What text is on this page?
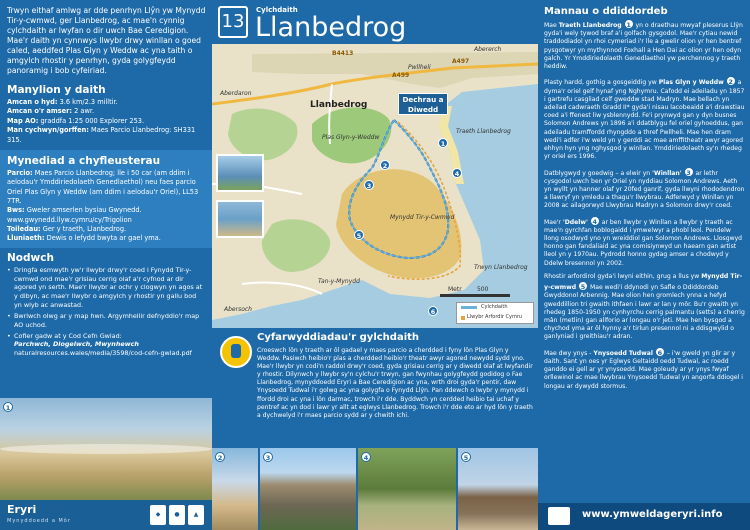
Trwyn eithaf amlwg ar dde penrhyn Llŷn yw Mynydd Tir-y-cwmwd, ger Llanbedrog, ac mae'n cynnig cylchdaith ar lwyfan o dir uwch Bae Ceredigion. Mae'r daith yn cynnwys llwybr drwy winllan o goed caled, aeddfed Plas Glyn y Weddw ac yna taith o amgylch rhostir y penrhyn, gyda golygfeydd panoramig i bob cyfeiriad.
Manylion y daith
Amcan o hyd: 3.6 km/2.3 milltir.
Amcan o'r amser: 2 awr.
Map AO: graddfa 1:25 000 Explorer 253.
Man cychwyn/gorffen: Maes Parcio Llanbedrog: SH331 315.
Mynediad a chyfleusterau
Parcio: Maes Parcio Llanbedrog; lle i 50 car (am ddim i aelodau'r Ymddiriedolaeth Genedlaethol) neu faes parcio Oriel Plas Glyn y Weddw (am ddim i aelodau'r Oriel), LL53 7TR.
Bws: Gweler amserlen bysiau Gwynedd. www.gwynedd.llyw.cymru/cy/Trigolion
Toiledau: Ger y traeth, Llanbedrog.
Lluniaeth: Dewis o lefydd bwyta ar gael yma.
Nodwch
• Dringfa esmwyth yw'r llwybr drwy'r coed i Fynydd Tir-y-cwmwd ond mae'r grisiau cerrig olaf a'r cyfnod ar dir agored yn serth. Mae'r llwybr ar ochr y clogwyn yn agos at y dibyn, ac mae'r llwybr o amgylch y rhostir yn gallu bod yn wlyb ac anwastad.
• Bwriwch olwg ar y map hwn. Argymhellir defnyddio'r map AO uchod.
• Cofier gadw at y Cod Cefn Gwlad:
Parchwch, Diogelwch, Mwynhewch
naturalresources.wales/media/3598/cod-cefn-gwlad.pdf
1
Eryri
Mynyddoedd a Môr
◆	●	▲
13
Cylchdaith
Llanbedrog
Llanbedrog
Abererch
Aberdaron
Abersoch
Pwllheli
Traeth Llanbedrog
Mynydd Tir-y-Cwmwd
Trwyn Llanbedrog
Tan-y-Mynydd
Plas Glyn-y-Weddw
B4413
A499
A497
Dechrau a Diwedd
1
2
3
4
5
6
Metr	500
Cylchdaith
Llwybr Arfordir Cymru
Cyfarwyddiadau'r gylchdaith
Croeswch lôn y traeth ar ôl gadael y maes parcio a cherdded i fyny lôn Plas Glyn y Weddw. Pasiwch heibio'r plas a cherdded heibio'r theatr awyr agored newydd sydd yno. Mae'r llwybr yn codi'n raddol drwy'r coed, gyda grisiau cerrig ar y diwedd olaf at lwyfandir y rhostir. Dilynwch y llwybr sy'n cylchu'r trwyn, gan fwynhau golygfeydd godidog o Fae Llanbedrog, mynyddoedd Eryri a Bae Ceredigion ac yna, wrth droi gyda'r pentir, daw Ynysoedd Tudwal i'r golwg ac yna golygfa o Fynydd Llŷn. Pan ddewch o lwybr y mynydd i ffordd droi ac yna i lôn darmac, trowch i'r dde. Byddwch yn cerdded heibio tai uchaf y pentref ac yn dod i lawr yr allt at eglwys Llanbedrog. Trowch i'r dde eto ar hyd lôn y traeth a dychwelyd i'r maes parcio sydd ar y chwith ichi.
2	3	4	5
Mannau o ddiddordeb

Mae Traeth Llanbedrog 1 yn o draethau mwyaf pleserus Llŷn gyda'i wely tywod braf a'i golfach gysgodol. Mae'r cytiau newid traddodiadol yn rhoi cymeriad i'r lle a gwelir olion yr hen bentref pysgotwyr yn mythynnod Foxhall a Hen Dai ac olion yr hen odyn galch. Yr Ymddiriedolaeth Genedlaethol yw perchennog y traeth heddiw.

Plasty hardd, gothig a gosgeiddig yw Plas Glyn y Weddw 2 a dyma'r oriel gelf hynaf yng Nghymru. Cafodd ei adeiladu yn 1857 i gartrefu casgliad celf gweddw stad Madryn. Mae bellach yn adeilad cadwraeth Gradd II* gyda'i nisau lacobeaidd a'i drawstiau coed a'i ffenest liw ysblennydd. Fe'i prynwyd gan y dyn busnes Solomon Andrews yn 1896 a'i ddatblygu fel oriel gyhoeddus, gan adeiladu tramffordd rhyngddo a thref Pwllheli. Mae hen dram wedi'i adfer i'w weld yn y gerddi ac mae amffitheatr awyr agored ehhyn hyn yng nghysgod y winllan. Ymddiriedolaeth sy'n rhedeg yr oriel ers 1996.

Datblygwyd y goedwig – a elwir yn 'Winllan' 3 ar lethr cysgodol uwch ben yr Oriel yn nyddiau Solomon Andrews. Aeth yn wyllt yn hanner olaf yr 20fed ganrif, gyda llwyni rhododendron a llawryf yn ymledu a thagu'r llwybrau. Adferwyd y Winllan yn 2008 ac ailagorwyd Llwybrau Madryn a Solomon drwy'r coed.

Mae'r 'Ddelw' 4 ar ben llwybr y Winllan a llwybr y traeth ac mae'n gyrchfan boblogaidd i ymwelwyr a phobl leol. Pendelw llong osodwyd yno yn wreiddiol gan Solomon Andrews. Llosgwyd honno gan fandaliaid ac yna comisiynwyd un haearn gan artist lleol yn y 1970au. Pydrodd honno gydag amser a chodwyd y Ddelw bresennol yn 2002.

Rhostir arfordirol gyda'i lwyni eithin, grug a llus yw Mynydd Tir-y-cwmwd 5 Mae wedi'i ddynodi yn Safle o Ddiddordeb Gwyddonol Arbennig. Mae olion hen gromlech ynna a hefyd gweddillion tri gwaith ithfaen i lawr ar lan y môr. Bu'r gwaith yn rhedeg 1850-1950 yn cynhyrchu cerrig palmantu (setts) a cherrig mân (metlin) gan allforio ar longau o'r jeti. Mae hen bysgod a chychod yma ar ôl hynny a'r tirlun presennol ni a ddisgwylid o ganlyniad i greithiau'r adran.

Mae dwy ynys - Ynysoedd Tudwal 6 – i'w gweld yn glir ar y daith. Sant yn oes yr Eglwys Geltaidd oedd Tudwal, ac roedd ganddo ei gell ar yr ynysoedd. Mae goleudy ar yr ynys fwyaf orllewinol ac mae llwybrau Ynysoedd Tudwal yn angorfa ddiogel i longau ar dywydd stormus.

www.ymweldageryri.info
